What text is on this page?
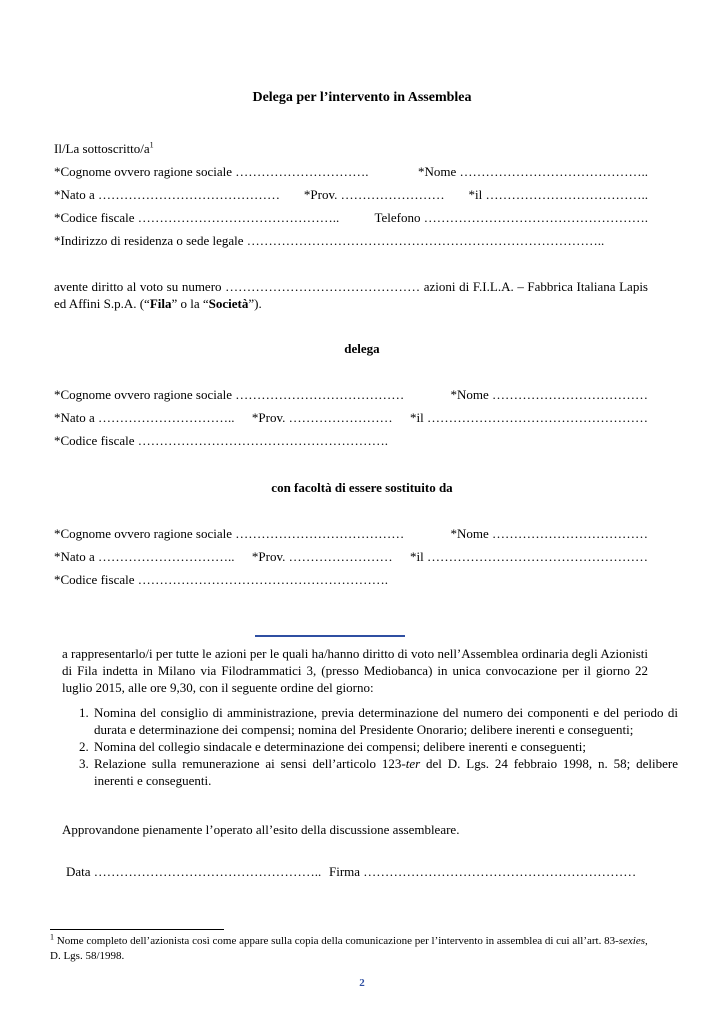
Delega per l’intervento in Assemblea
Il/La sottoscritto/$a^1$
*Cognome ovvero ragione sociale ………………………….	*Nome ……………………………………..
*Nato a …………………………………… *Prov. …………………… *il ………………………………..
*Codice fiscale ………………………………………..	Telefono …………………………………………….
*Indirizzo di residenza o sede legale ………………………………………………………………………..
avente diritto al voto su numero ……………………………………… azioni di F.I.L.A. – Fabbrica Italiana Lapis ed Affini S.p.A. (“Fila” o la “Società”).
delega
*Cognome ovvero ragione sociale …………………………………	*Nome ………………………………
*Nato a ………………………….. *Prov. …………………… *il ……………………………………………
*Codice fiscale ………………………………………………….
con facoltà di essere sostituito da
*Cognome ovvero ragione sociale …………………………………	*Nome ………………………………
*Nato a ………………………….. *Prov. …………………… *il ……………………………………………
*Codice fiscale ………………………………………………….
a rappresentarlo/i per tutte le azioni per le quali ha/hanno diritto di voto nell’Assemblea ordinaria degli Azionisti di Fila indetta in Milano via Filodrammatici 3, (presso Mediobanca) in unica convocazione per il giorno 22 luglio 2015, alle ore 9,30, con il seguente ordine del giorno:
1. Nomina del consiglio di amministrazione, previa determinazione del numero dei componenti e del periodo di durata e determinazione dei compensi; nomina del Presidente Onorario; delibere inerenti e conseguenti;
2. Nomina del collegio sindacale e determinazione dei compensi; delibere inerenti e conseguenti;
3. Relazione sulla remunerazione ai sensi dell’articolo 123-ter del D. Lgs. 24 febbraio 1998, n. 58; delibere inerenti e conseguenti.
Approvandone pienamente l’operato all’esito della discussione assembleare.
Data …………………………………………….. Firma ………………………………………………………
$^1$ Nome completo dell’azionista così come appare sulla copia della comunicazione per l’intervento in assemblea di cui all’art. 83-sexies, D. Lgs. 58/1998.
2
